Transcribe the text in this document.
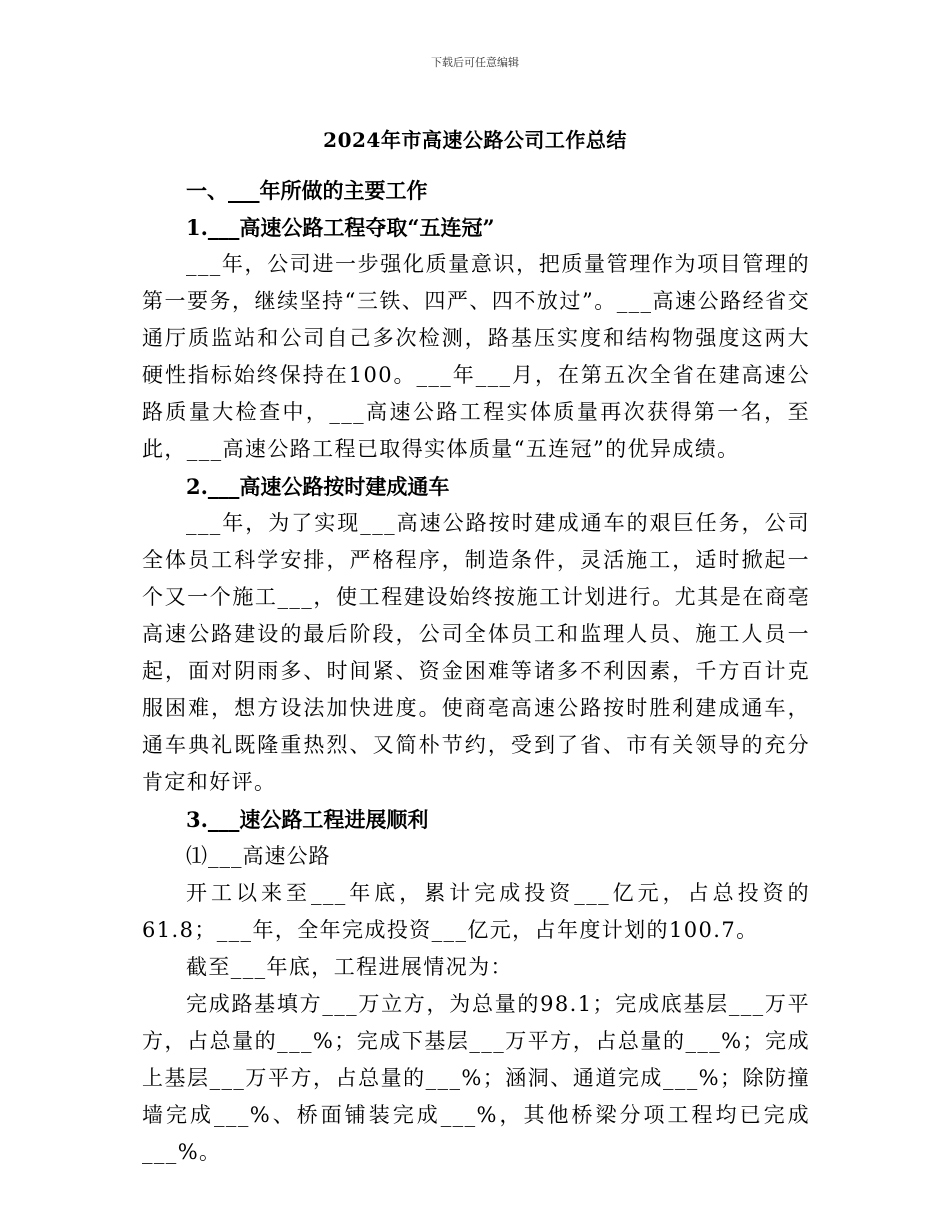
下载后可任意编辑
2024年市高速公路公司工作总结

一、___年所做的主要工作

1.___高速公路工程夺取“五连冠”

___年，公司进一步强化质量意识，把质量管理作为项目管理的第一要务，继续坚持“三铁、四严、四不放过”。___高速公路经省交通厅质监站和公司自己多次检测，路基压实度和结构物强度这两大硬性指标始终保持在100。___年___月，在第五次全省在建高速公路质量大检查中，___高速公路工程实体质量再次获得第一名，至此，___高速公路工程已取得实体质量“五连冠”的优异成绩。

2.___高速公路按时建成通车

___年，为了实现___高速公路按时建成通车的艰巨任务，公司全体员工科学安排，严格程序，制造条件，灵活施工，适时掀起一个又一个施工___，使工程建设始终按施工计划进行。尤其是在商亳高速公路建设的最后阶段，公司全体员工和监理人员、施工人员一起，面对阴雨多、时间紧、资金困难等诸多不利因素，千方百计克服困难，想方设法加快进度。使商亳高速公路按时胜利建成通车，通车典礼既隆重热烈、又简朴节约，受到了省、市有关领导的充分肯定和好评。

3.___速公路工程进展顺利

⑴___高速公路

开工以来至___年底，累计完成投资___亿元，占总投资的61.8；___年，全年完成投资___亿元，占年度计划的100.7。

截至___年底，工程进展情况为：

完成路基填方___万立方，为总量的98.1；完成底基层___万平方，占总量的___%；完成下基层___万平方，占总量的___%；完成上基层___万平方，占总量的___%；涵洞、通道完成___%；除防撞墙完成___%、桥面铺装完成___%，其他桥梁分项工程均已完成___%。
